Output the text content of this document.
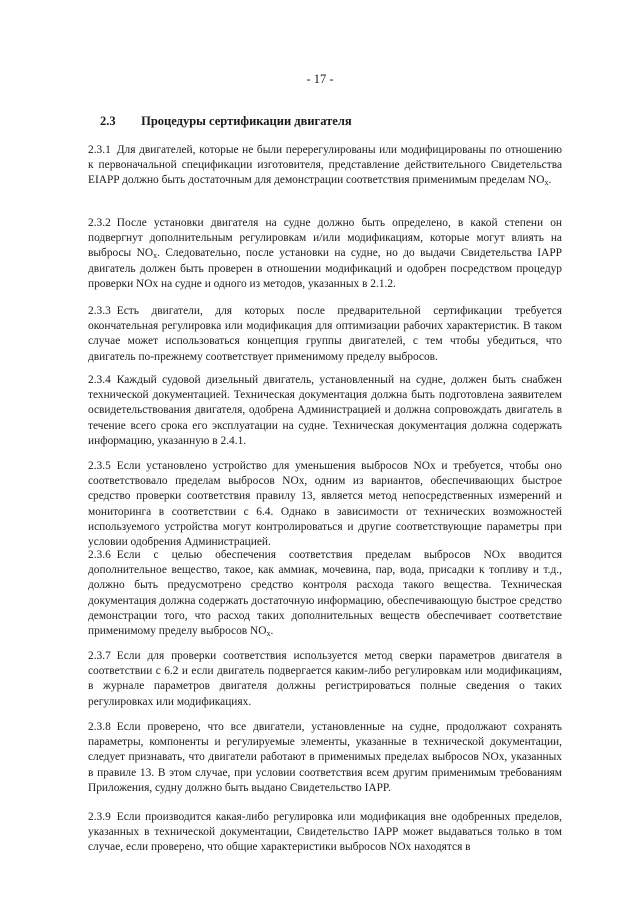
- 17 -
2.3 Процедуры сертификации двигателя
2.3.1 Для двигателей, которые не были перерегулированы или модифицированы по отношению к первоначальной спецификации изготовителя, представление действительного Свидетельства EIAPP должно быть достаточным для демонстрации соответствия применимым пределам $NO_x$.
2.3.2 После установки двигателя на судне должно быть определено, в какой степени он подвергнут дополнительным регулировкам и/или модификациям, которые могут влиять на выбросы $NO_x$. Следовательно, после установки на судне, но до выдачи Свидетельства IAPP двигатель должен быть проверен в отношении модификаций и одобрен посредством процедур проверки NOx на судне и одного из методов, указанных в 2.1.2.
2.3.3 Есть двигатели, для которых после предварительной сертификации требуется окончательная регулировка или модификация для оптимизации рабочих характеристик. В таком случае может использоваться концепция группы двигателей, с тем чтобы убедиться, что двигатель по-прежнему соответствует применимому пределу выбросов.
2.3.4 Каждый судовой дизельный двигатель, установленный на судне, должен быть снабжен технической документацией. Техническая документация должна быть подготовлена заявителем освидетельствования двигателя, одобрена Администрацией и должна сопровождать двигатель в течение всего срока его эксплуатации на судне. Техническая документация должна содержать информацию, указанную в 2.4.1.
2.3.5 Если установлено устройство для уменьшения выбросов NOx и требуется, чтобы оно соответствовало пределам выбросов NOx, одним из вариантов, обеспечивающих быстрое средство проверки соответствия правилу 13, является метод непосредственных измерений и мониторинга в соответствии с 6.4. Однако в зависимости от технических возможностей используемого устройства могут контролироваться и другие соответствующие параметры при условии одобрения Администрацией.
2.3.6 Если с целью обеспечения соответствия пределам выбросов NOx вводится дополнительное вещество, такое, как аммиак, мочевина, пар, вода, присадки к топливу и т.д., должно быть предусмотрено средство контроля расхода такого вещества. Техническая документация должна содержать достаточную информацию, обеспечивающую быстрое средство демонстрации того, что расход таких дополнительных веществ обеспечивает соответствие применимому пределу выбросов $NO_x$.
2.3.7 Если для проверки соответствия используется метод сверки параметров двигателя в соответствии с 6.2 и если двигатель подвергается каким-либо регулировкам или модификациям, в журнале параметров двигателя должны регистрироваться полные сведения о таких регулировках или модификациях.
2.3.8 Если проверено, что все двигатели, установленные на судне, продолжают сохранять параметры, компоненты и регулируемые элементы, указанные в технической документации, следует признавать, что двигатели работают в применимых пределах выбросов NOx, указанных в правиле 13. В этом случае, при условии соответствия всем другим применимым требованиям Приложения, судну должно быть выдано Свидетельство IAPP.
2.3.9 Если производится какая-либо регулировка или модификация вне одобренных пределов, указанных в технической документации, Свидетельство IAPP может выдаваться только в том случае, если проверено, что общие характеристики выбросов NOx находятся в
